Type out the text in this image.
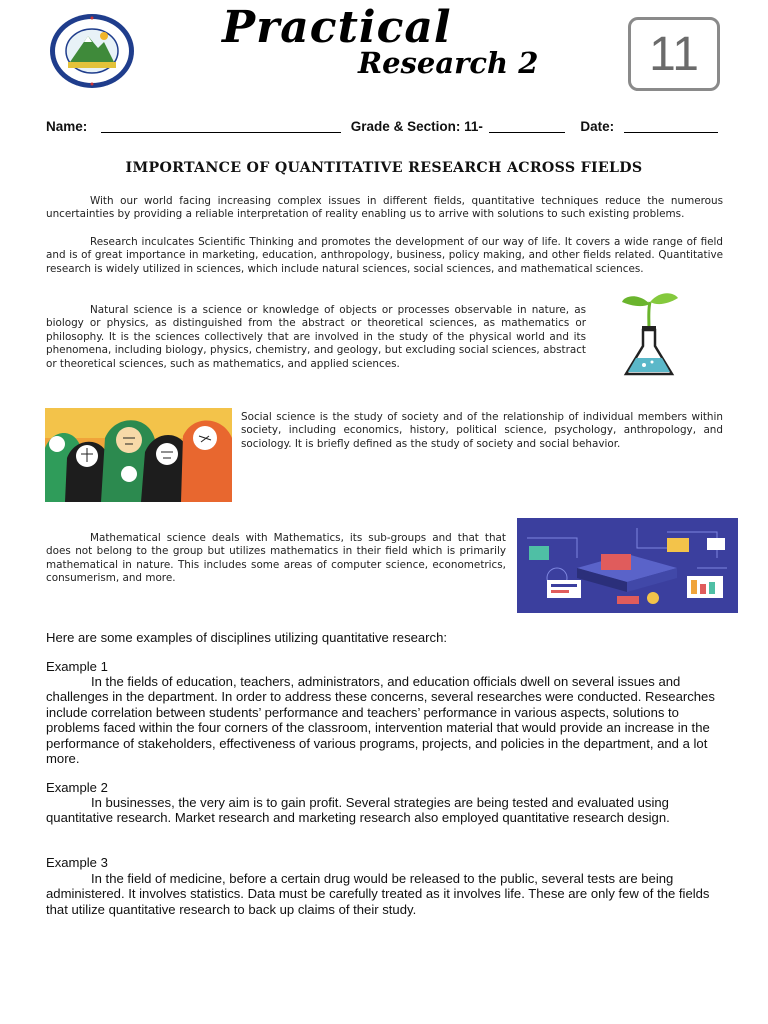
Practical
Research 2	11
Name:	Grade & Section: 11-	Date:
IMPORTANCE OF QUANTITATIVE RESEARCH ACROSS FIELDS

With our world facing increasing complex issues in different fields, quantitative techniques reduce the numerous uncertainties by providing a reliable interpretation of reality enabling us to arrive with solutions to such existing problems.

Research inculcates Scientific Thinking and promotes the development of our way of life. It covers a wide range of field and is of great importance in marketing, education, anthropology, business, policy making, and other fields related. Quantitative research is widely utilized in sciences, which include natural sciences, social sciences, and mathematical sciences.

Natural science is a science or knowledge of objects or processes observable in nature, as biology or physics, as distinguished from the abstract or theoretical sciences, as mathematics or philosophy. It is the sciences collectively that are involved in the study of the physical world and its phenomena, including biology, physics, chemistry, and geology, but excluding social sciences, abstract or theoretical sciences, such as mathematics, and applied sciences.

Social science is the study of society and of the relationship of individual members within society, including economics, history, political science, psychology, anthropology, and sociology. It is briefly defined as the study of society and social behavior.

Mathematical science deals with Mathematics, its sub-groups and that that does not belong to the group but utilizes mathematics in their field which is primarily mathematical in nature. This includes some areas of computer science, econometrics, consumerism, and more.

Here are some examples of disciplines utilizing quantitative research:

Example 1

In the fields of education, teachers, administrators, and education officials dwell on several issues and challenges in the department. In order to address these concerns, several researches were conducted. Researches include correlation between students’ performance and teachers’ performance in various aspects, solutions to problems faced within the four corners of the classroom, intervention material that would provide an increase in the performance of stakeholders, effectiveness of various programs, projects, and policies in the department, and a lot more.

Example 2

In businesses, the very aim is to gain profit. Several strategies are being tested and evaluated using quantitative research. Market research and marketing research also employed quantitative research design.

Example 3

In the field of medicine, before a certain drug would be released to the public, several tests are being administered. It involves statistics. Data must be carefully treated as it involves life. These are only few of the fields that utilize quantitative research to back up claims of their study.
